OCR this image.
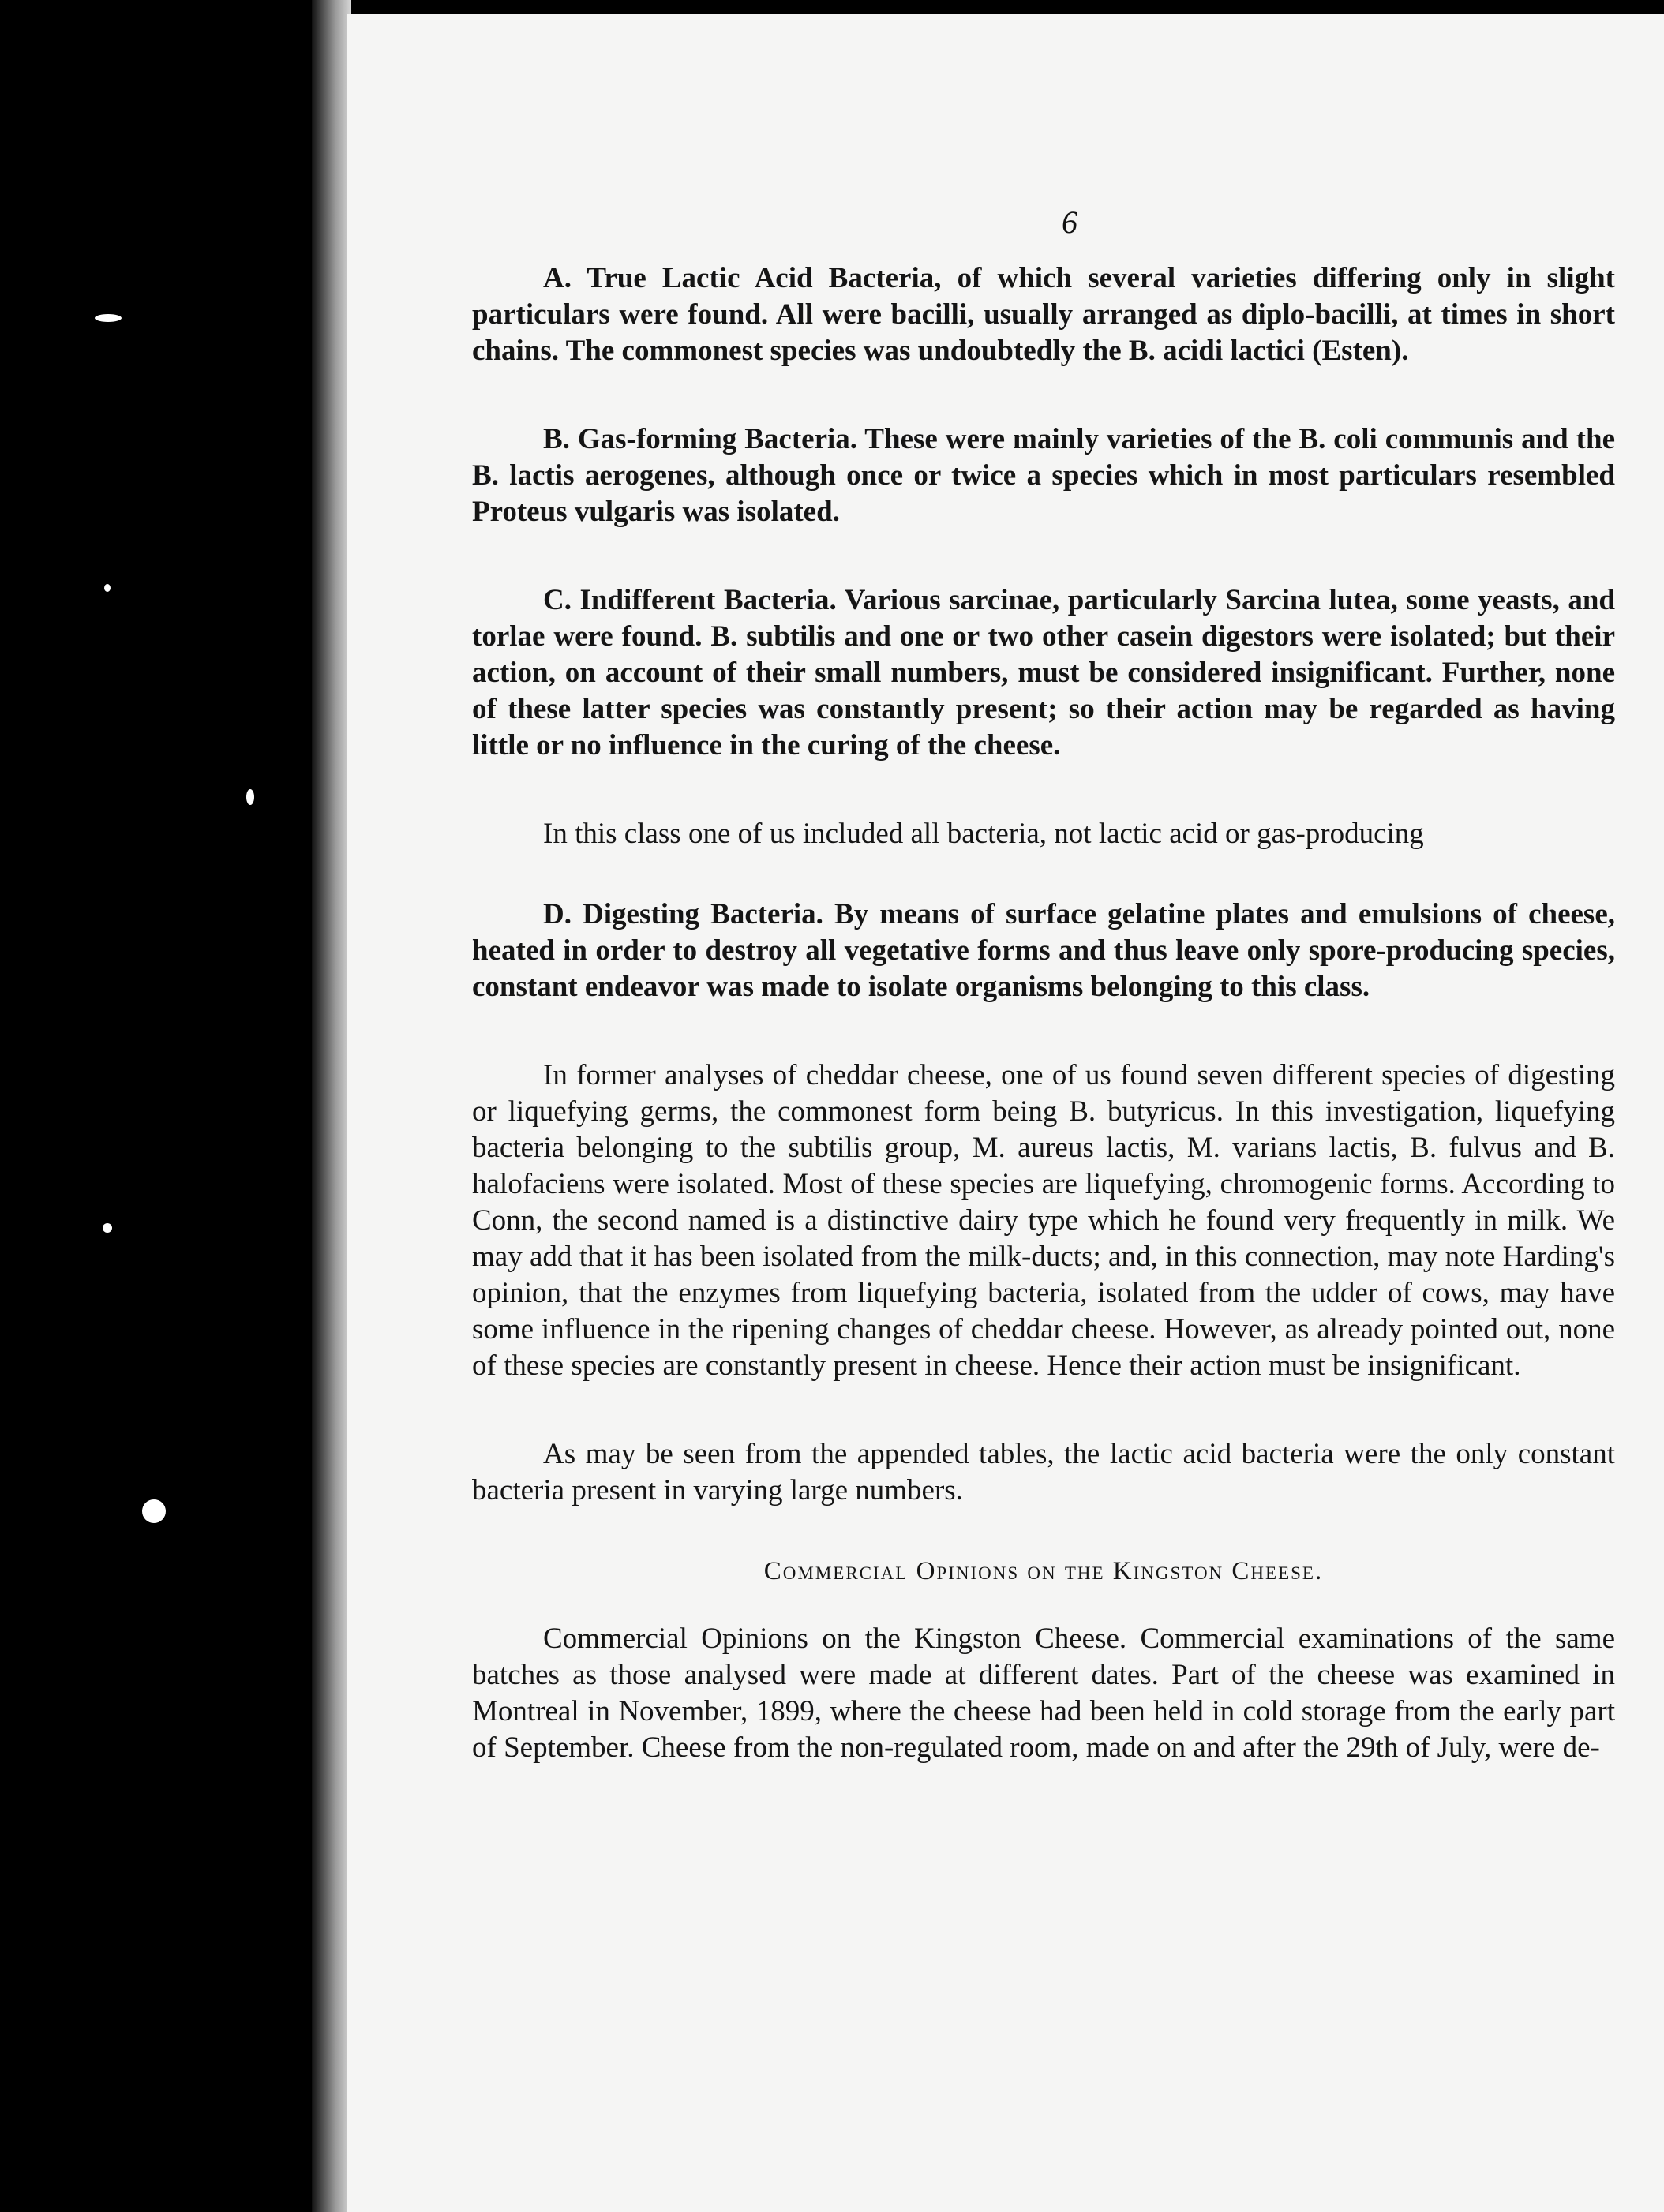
6

A. True Lactic Acid Bacteria, of which several varieties differing only in slight particulars were found. All were bacilli, usually arranged as diplo-bacilli, at times in short chains. The commonest species was undoubtedly the B. acidi lactici (Esten).

B. Gas-forming Bacteria. These were mainly varieties of the B. coli communis and the B. lactis aerogenes, although once or twice a species which in most particulars resembled Proteus vulgaris was isolated.

C. Indifferent Bacteria. Various sarcinae, particularly Sarcina lutea, some yeasts, and torlae were found. B. subtilis and one or two other casein digestors were isolated; but their action, on account of their small numbers, must be considered insignificant. Further, none of these latter species was constantly present; so their action may be regarded as having little or no influence in the curing of the cheese.

In this class one of us included all bacteria, not lactic acid or gas-producing

D. Digesting Bacteria. By means of surface gelatine plates and emulsions of cheese, heated in order to destroy all vegetative forms and thus leave only spore-producing species, constant endeavor was made to isolate organisms belonging to this class.

In former analyses of cheddar cheese, one of us found seven different species of digesting or liquefying germs, the commonest form being B. butyricus. In this investigation, liquefying bacteria belonging to the subtilis group, M. aureus lactis, M. varians lactis, B. fulvus and B. halofaciens were isolated. Most of these species are liquefying, chromogenic forms. According to Conn, the second named is a distinctive dairy type which he found very frequently in milk. We may add that it has been isolated from the milk-ducts; and, in this connection, may note Harding's opinion, that the enzymes from liquefying bacteria, isolated from the udder of cows, may have some influence in the ripening changes of cheddar cheese. However, as already pointed out, none of these species are constantly present in cheese. Hence their action must be insignificant.

As may be seen from the appended tables, the lactic acid bacteria were the only constant bacteria present in varying large numbers.

Commercial Opinions on the Kingston Cheese.

Commercial Opinions on the Kingston Cheese. Commercial examinations of the same batches as those analysed were made at different dates. Part of the cheese was examined in Montreal in November, 1899, where the cheese had been held in cold storage from the early part of September. Cheese from the non-regulated room, made on and after the 29th of July, were de-
